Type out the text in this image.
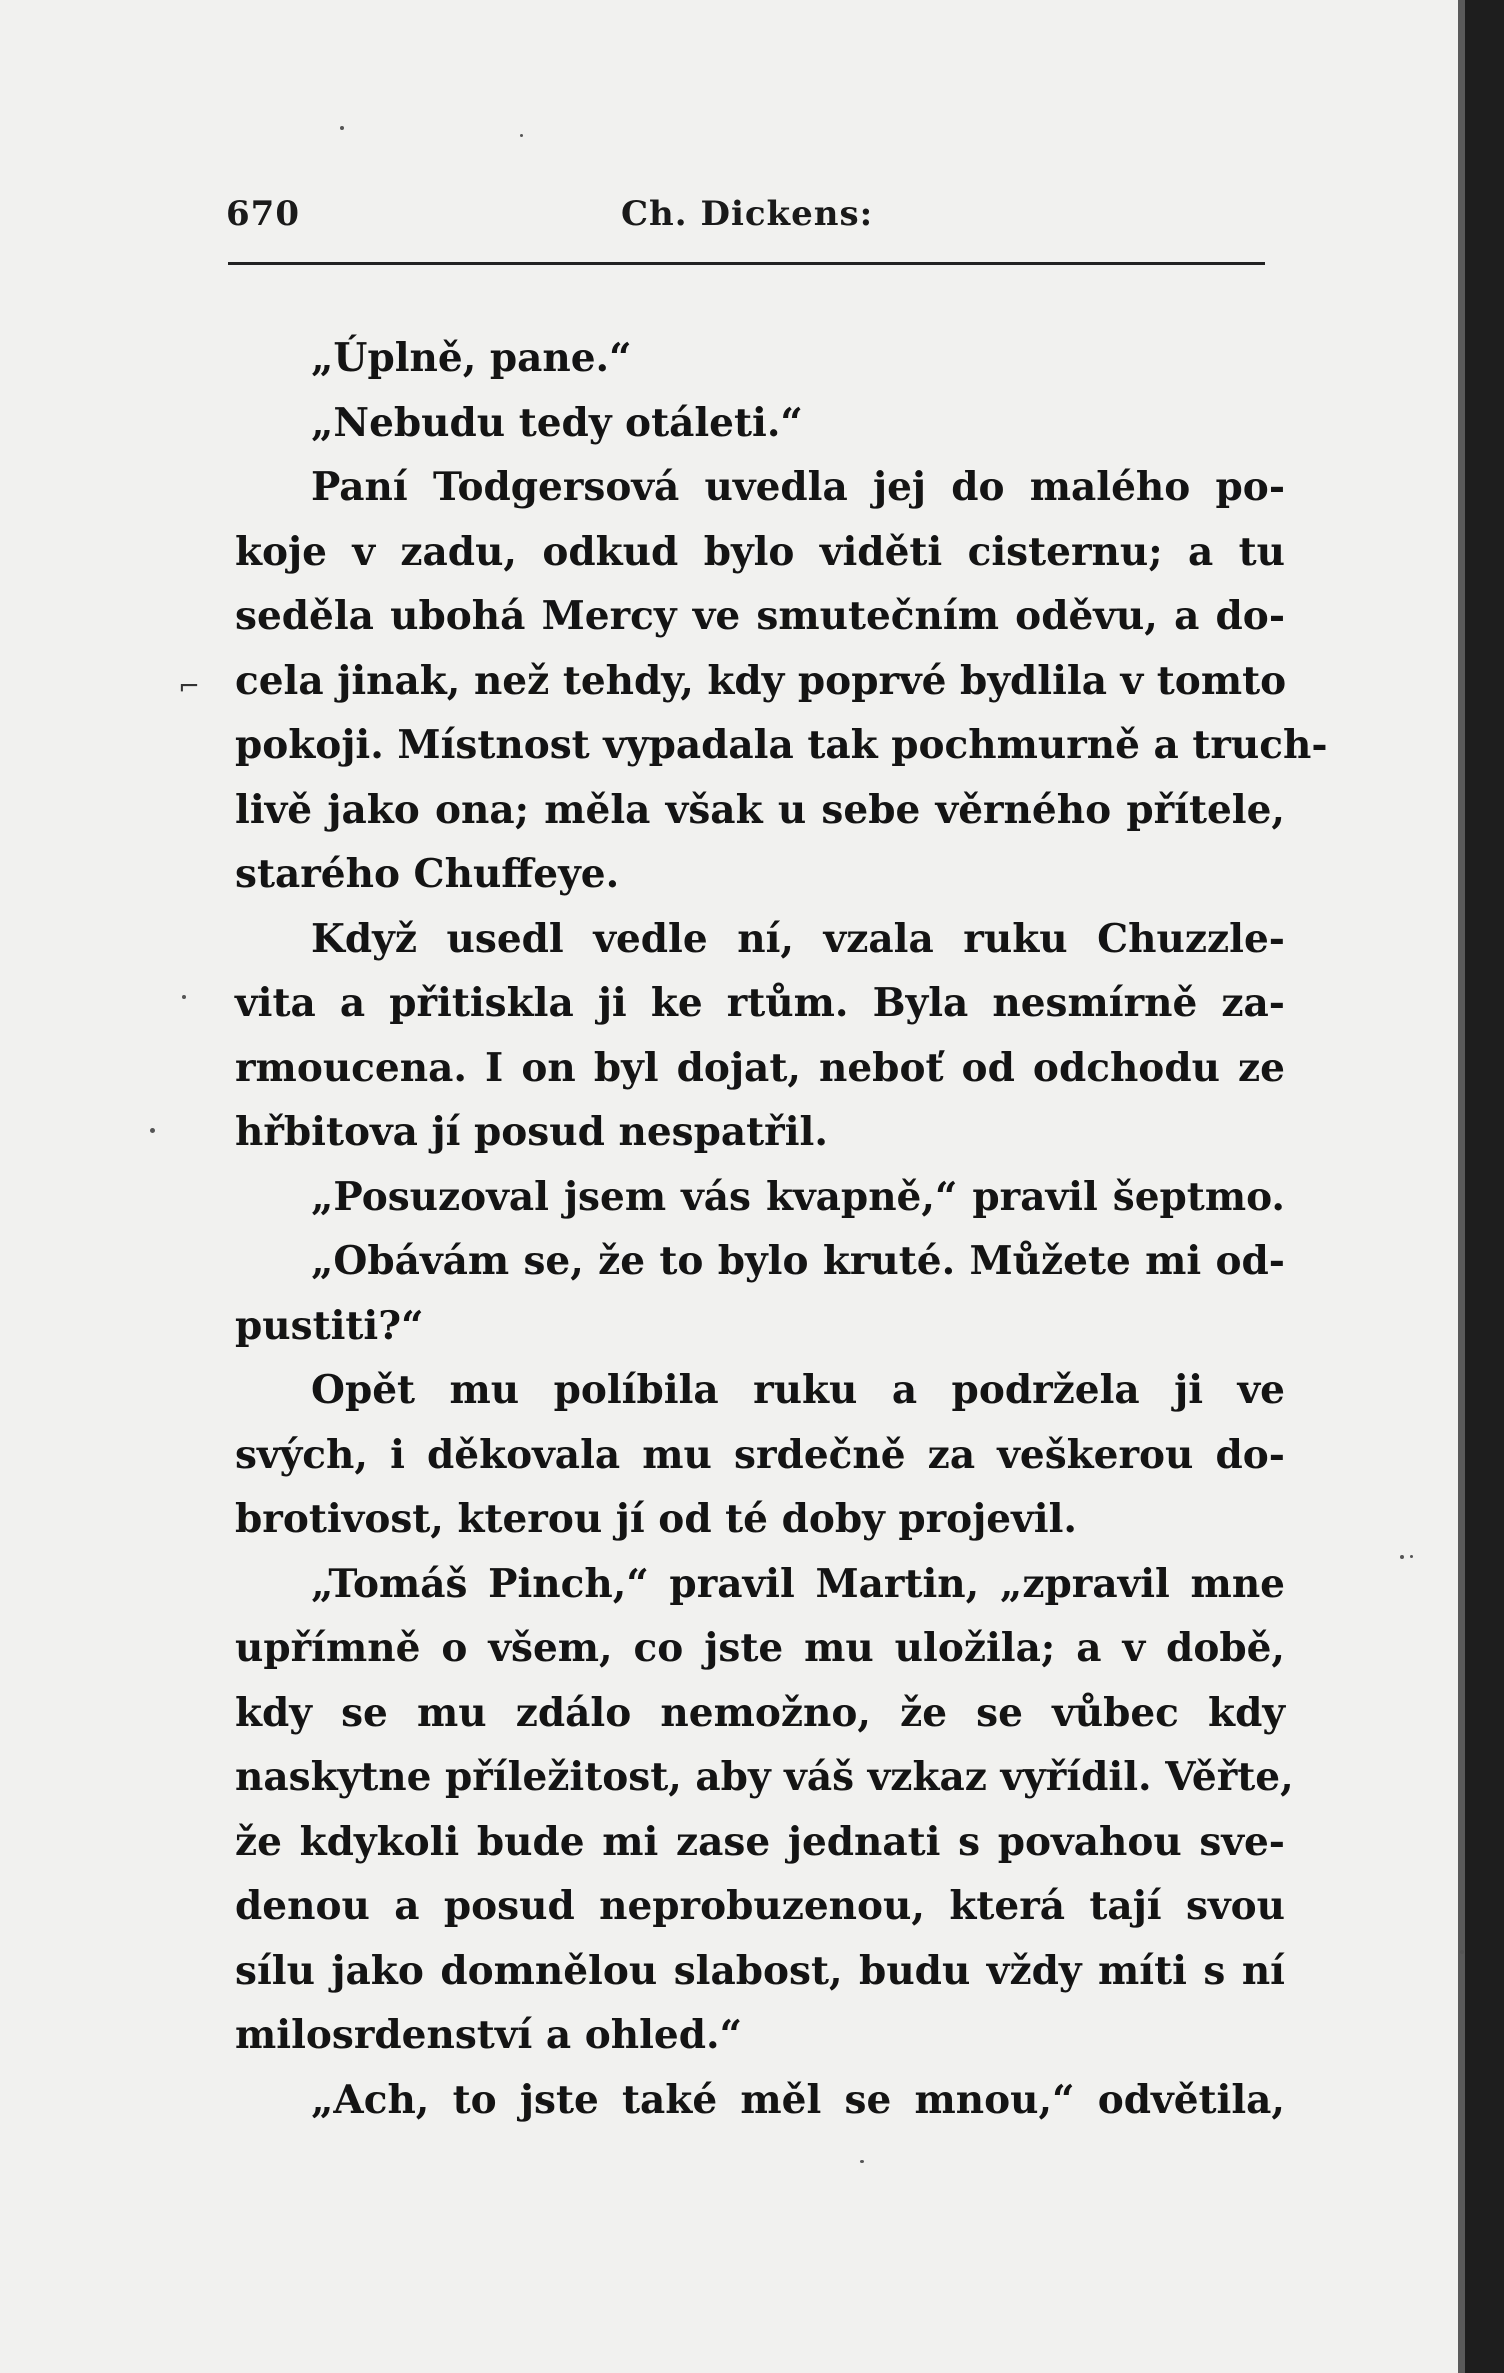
670	Ch. Dickens:
⌐
„Úplně, pane.“
„Nebudu tedy otáleti.“
Paní Todgersová uvedla jej do malého po-
koje v zadu, odkud bylo viděti cisternu; a tu
seděla ubohá Mercy ve smutečním oděvu, a do-
cela jinak, než tehdy, kdy poprvé bydlila v tomto
pokoji. Místnost vypadala tak pochmurně a truch-
livě jako ona; měla však u sebe věrného přítele,
starého Chuffeye.
Když usedl vedle ní, vzala ruku Chuzzle-
vita a přitiskla ji ke rtům. Byla nesmírně za-
rmoucena. I on byl dojat, neboť od odchodu ze
hřbitova jí posud nespatřil.
„Posuzoval jsem vás kvapně,“ pravil šeptmo.
„Obávám se, že to bylo kruté. Můžete mi od-
pustiti?“
Opět mu políbila ruku a podržela ji ve
svých, i děkovala mu srdečně za veškerou do-
brotivost, kterou jí od té doby projevil.
„Tomáš Pinch,“ pravil Martin, „zpravil mne
upřímně o všem, co jste mu uložila; a v době,
kdy se mu zdálo nemožno, že se vůbec kdy
naskytne příležitost, aby váš vzkaz vyřídil. Věřte,
že kdykoli bude mi zase jednati s povahou sve-
denou a posud neprobuzenou, která tají svou
sílu jako domnělou slabost, budu vždy míti s ní
milosrdenství a ohled.“
„Ach, to jste také měl se mnou,“ odvětila,
